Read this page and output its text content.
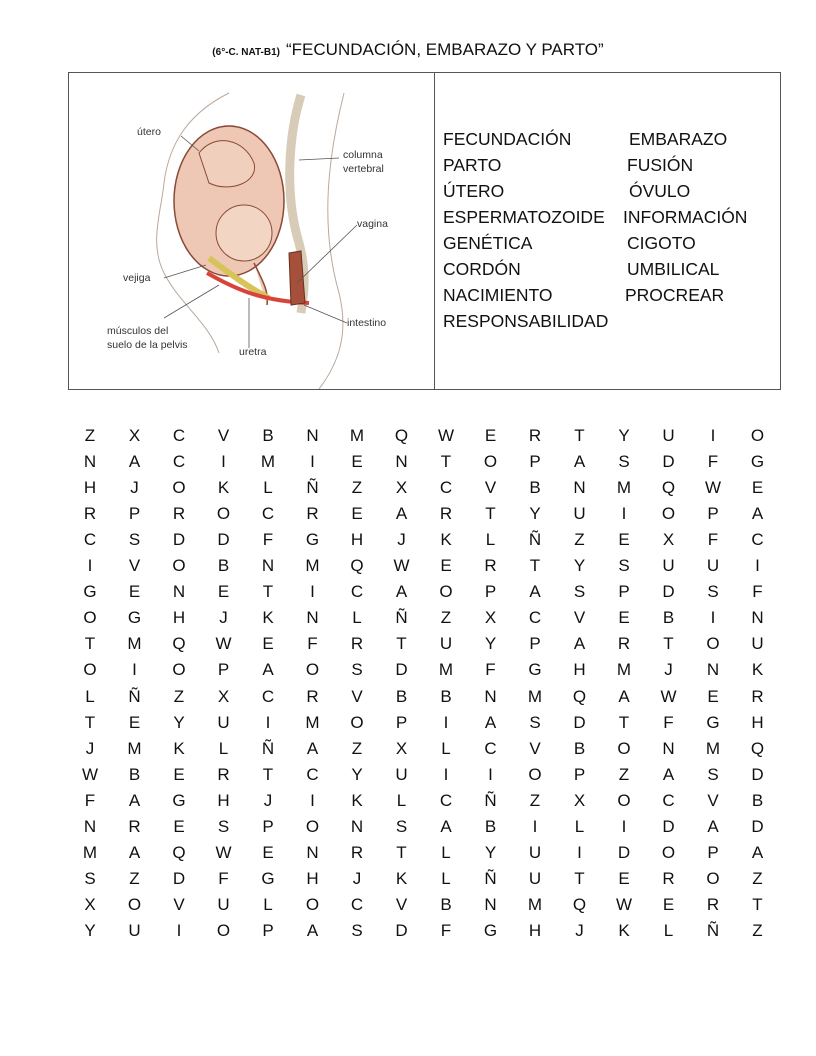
(6°-C. NAT-B1) “FECUNDACIÓN, EMBARAZO Y PARTO”
útero
columna
vertebral
vagina
vejiga
músculos del
suelo de la pelvis
uretra
intestino
FECUNDACIÓN
PARTO
ÚTERO
ESPERMATOZOIDE
GENÉTICA
CORDÓN
NACIMIENTO
RESPONSABILIDAD
EMBARAZO
FUSIÓN
ÓVULO
INFORMACIÓN
CIGOTO
UMBILICAL
PROCREAR
Z	X	C	V	B	N	M	Q	W	E	R	T	Y	U	I	O
N	A	C	I	M	I	E	N	T	O	P	A	S	D	F	G
H	J	O	K	L	Ñ	Z	X	C	V	B	N	M	Q	W	E
R	P	R	O	C	R	E	A	R	T	Y	U	I	O	P	A
C	S	D	D	F	G	H	J	K	L	Ñ	Z	E	X	F	C
I	V	O	B	N	M	Q	W	E	R	T	Y	S	U	U	I
G	E	N	E	T	I	C	A	O	P	A	S	P	D	S	F
O	G	H	J	K	N	L	Ñ	Z	X	C	V	E	B	I	N
T	M	Q	W	E	F	R	T	U	Y	P	A	R	T	O	U
O	I	O	P	A	O	S	D	M	F	G	H	M	J	N	K
L	Ñ	Z	X	C	R	V	B	B	N	M	Q	A	W	E	R
T	E	Y	U	I	M	O	P	I	A	S	D	T	F	G	H
J	M	K	L	Ñ	A	Z	X	L	C	V	B	O	N	M	Q
W	B	E	R	T	C	Y	U	I	I	O	P	Z	A	S	D
F	A	G	H	J	I	K	L	C	Ñ	Z	X	O	C	V	B
N	R	E	S	P	O	N	S	A	B	I	L	I	D	A	D
M	A	Q	W	E	N	R	T	L	Y	U	I	D	O	P	A
S	Z	D	F	G	H	J	K	L	Ñ	U	T	E	R	O	Z
X	O	V	U	L	O	C	V	B	N	M	Q	W	E	R	T
Y	U	I	O	P	A	S	D	F	G	H	J	K	L	Ñ	Z
